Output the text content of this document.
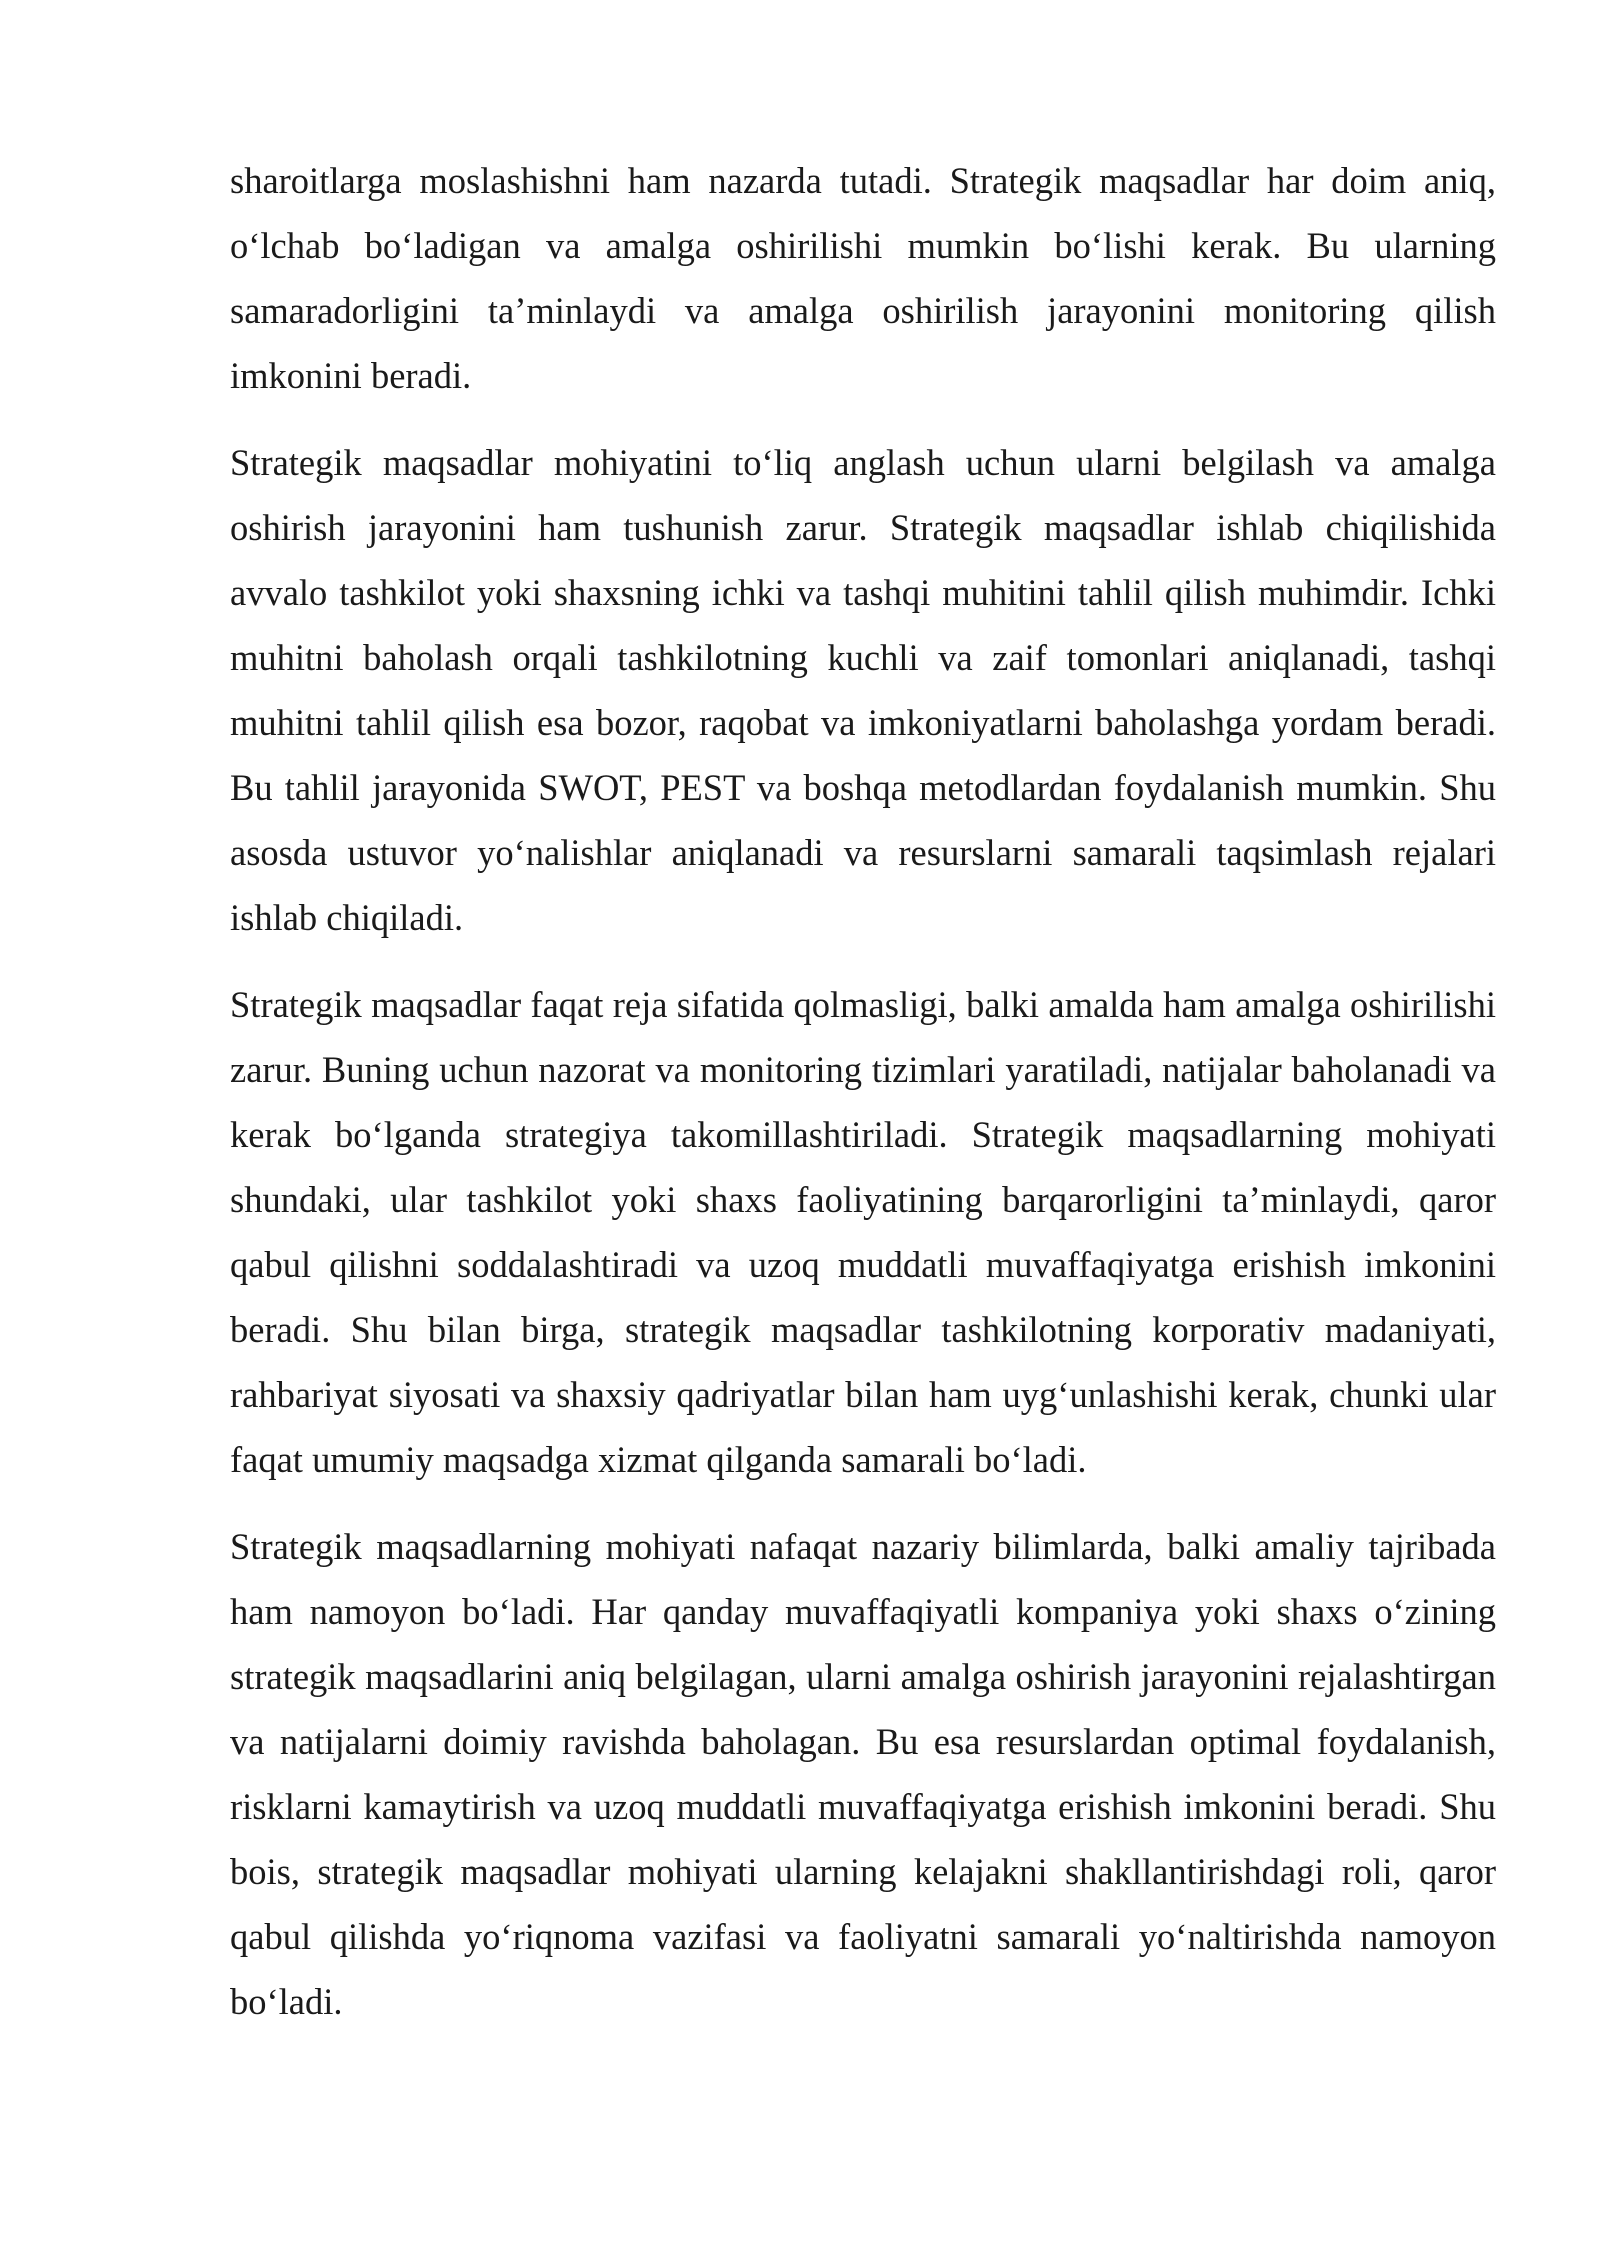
sharoitlarga moslashishni ham nazarda tutadi. Strategik maqsadlar har doim aniq, o‘lchab bo‘ladigan va amalga oshirilishi mumkin bo‘lishi kerak. Bu ularning samaradorligini ta’minlaydi va amalga oshirilish jarayonini monitoring qilish imkonini beradi.

Strategik maqsadlar mohiyatini to‘liq anglash uchun ularni belgilash va amalga oshirish jarayonini ham tushunish zarur. Strategik maqsadlar ishlab chiqilishida avvalo tashkilot yoki shaxsning ichki va tashqi muhitini tahlil qilish muhimdir. Ichki muhitni baholash orqali tashkilotning kuchli va zaif tomonlari aniqlanadi, tashqi muhitni tahlil qilish esa bozor, raqobat va imkoniyatlarni baholashga yordam beradi. Bu tahlil jarayonida SWOT, PEST va boshqa metodlardan foydalanish mumkin. Shu asosda ustuvor yo‘nalishlar aniqlanadi va resurslarni samarali taqsimlash rejalari ishlab chiqiladi.

Strategik maqsadlar faqat reja sifatida qolmasligi, balki amalda ham amalga oshirilishi zarur. Buning uchun nazorat va monitoring tizimlari yaratiladi, natijalar baholanadi va kerak bo‘lganda strategiya takomillashtiriladi. Strategik maqsadlarning mohiyati shundaki, ular tashkilot yoki shaxs faoliyatining barqarorligini ta’minlaydi, qaror qabul qilishni soddalashtiradi va uzoq muddatli muvaffaqiyatga erishish imkonini beradi. Shu bilan birga, strategik maqsadlar tashkilotning korporativ madaniyati, rahbariyat siyosati va shaxsiy qadriyatlar bilan ham uyg‘unlashishi kerak, chunki ular faqat umumiy maqsadga xizmat qilganda samarali bo‘ladi.

Strategik maqsadlarning mohiyati nafaqat nazariy bilimlarda, balki amaliy tajribada ham namoyon bo‘ladi. Har qanday muvaffaqiyatli kompaniya yoki shaxs o‘zining strategik maqsadlarini aniq belgilagan, ularni amalga oshirish jarayonini rejalashtirgan va natijalarni doimiy ravishda baholagan. Bu esa resurslardan optimal foydalanish, risklarni kamaytirish va uzoq muddatli muvaffaqiyatga erishish imkonini beradi. Shu bois, strategik maqsadlar mohiyati ularning kelajakni shakllantirishdagi roli, qaror qabul qilishda yo‘riqnoma vazifasi va faoliyatni samarali yo‘naltirishda namoyon bo‘ladi.
